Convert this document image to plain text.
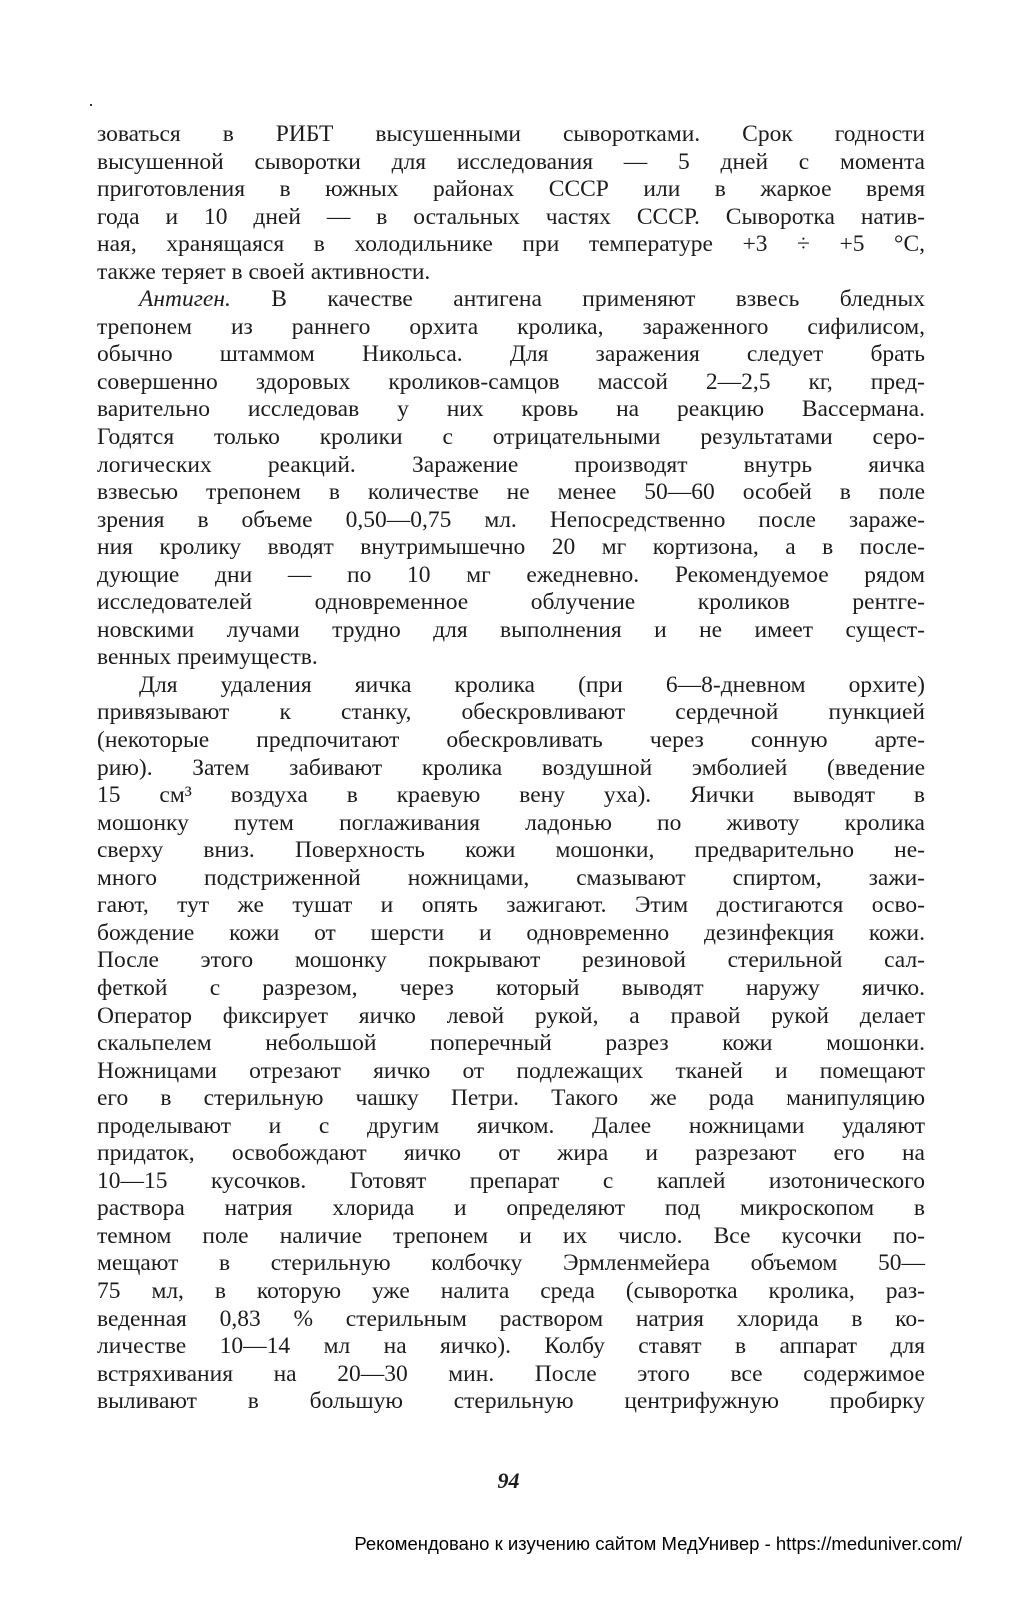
зоваться в РИБТ высушенными сыворотками. Срок годности
высушенной сыворотки для исследования — 5 дней с момента
приготовления в южных районах СССР или в жаркое время
года и 10 дней — в остальных частях СССР. Сыворотка натив-
ная, хранящаяся в холодильнике при температуре +3 ÷ +5 °С,
также теряет в своей активности.
Антиген. В качестве антигена применяют взвесь бледных
трепонем из раннего орхита кролика, зараженного сифилисом,
обычно штаммом Никольса. Для заражения следует брать
совершенно здоровых кроликов-самцов массой 2—2,5 кг, пред-
варительно исследовав у них кровь на реакцию Вассермана.
Годятся только кролики с отрицательными результатами серо-
логических реакций. Заражение производят внутрь яичка
взвесью трепонем в количестве не менее 50—60 особей в поле
зрения в объеме 0,50—0,75 мл. Непосредственно после зараже-
ния кролику вводят внутримышечно 20 мг кортизона, а в после-
дующие дни — по 10 мг ежедневно. Рекомендуемое рядом
исследователей одновременное облучение кроликов рентге-
новскими лучами трудно для выполнения и не имеет сущест-
венных преимуществ.
Для удаления яичка кролика (при 6—8-дневном орхите)
привязывают к станку, обескровливают сердечной пункцией
(некоторые предпочитают обескровливать через сонную арте-
рию). Затем забивают кролика воздушной эмболией (введение
15 см³ воздуха в краевую вену уха). Яички выводят в
мошонку путем поглаживания ладонью по животу кролика
сверху вниз. Поверхность кожи мошонки, предварительно не-
много подстриженной ножницами, смазывают спиртом, зажи-
гают, тут же тушат и опять зажигают. Этим достигаются осво-
бождение кожи от шерсти и одновременно дезинфекция кожи.
После этого мошонку покрывают резиновой стерильной сал-
феткой с разрезом, через который выводят наружу яичко.
Оператор фиксирует яичко левой рукой, а правой рукой делает
скальпелем небольшой поперечный разрез кожи мошонки.
Ножницами отрезают яичко от подлежащих тканей и помещают
его в стерильную чашку Петри. Такого же рода манипуляцию
проделывают и с другим яичком. Далее ножницами удаляют
придаток, освобождают яичко от жира и разрезают его на
10—15 кусочков. Готовят препарат с каплей изотонического
раствора натрия хлорида и определяют под микроскопом в
темном поле наличие трепонем и их число. Все кусочки по-
мещают в стерильную колбочку Эрмленмейера объемом 50—
75 мл, в которую уже налита среда (сыворотка кролика, раз-
веденная 0,83 % стерильным раствором натрия хлорида в ко-
личестве 10—14 мл на яичко). Колбу ставят в аппарат для
встряхивания на 20—30 мин. После этого все содержимое
выливают в большую стерильную центрифужную пробирку
94
Рекомендовано к изучению сайтом МедУнивер - https://meduniver.com/
